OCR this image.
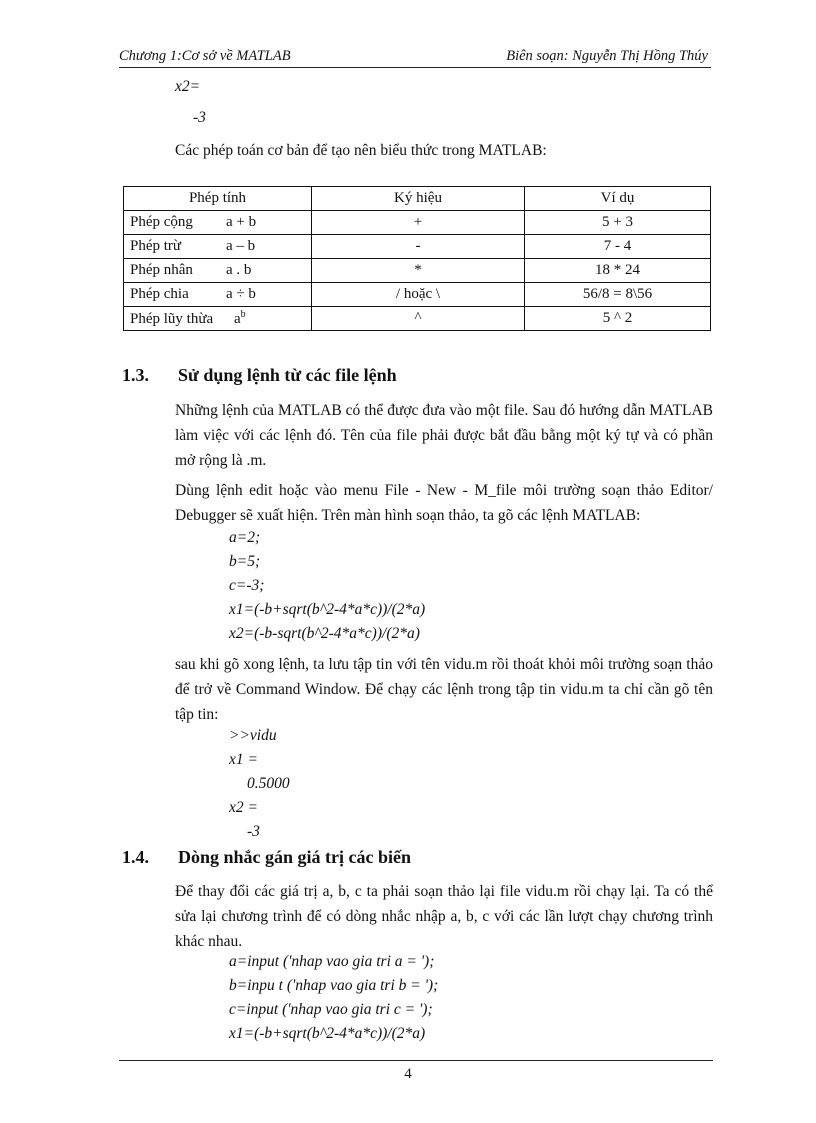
Chương 1:Cơ sở về MATLAB	Biên soạn: Nguyễn Thị Hồng Thúy
x2=
-3
Các phép toán cơ bản để tạo nên biểu thức trong MATLAB:
Phép tính	Ký hiệu	Ví dụ
Phép cộng a + b	+	5 + 3
Phép trừ a – b	-	7 - 4
Phép nhân a . b	*	18 * 24
Phép chia a ÷ b	/ hoặc \	56/8 = 8\56
Phép lũy thừa $a^b$	^	5 ^ 2
1.3. Sử dụng lệnh từ các file lệnh
Những lệnh của MATLAB có thể được đưa vào một file. Sau đó hướng dẫn MATLAB làm việc với các lệnh đó. Tên của file phải được bắt đầu bằng một ký tự và có phần mở rộng là .m.
Dùng lệnh edit hoặc vào menu File - New - M_file môi trường soạn thảo Editor/ Debugger sẽ xuất hiện. Trên màn hình soạn thảo, ta gõ các lệnh MATLAB:
a=2;
b=5;
c=-3;
x1=(-b+sqrt(b^2-4*a*c))/(2*a)
x2=(-b-sqrt(b^2-4*a*c))/(2*a)
sau khi gõ xong lệnh, ta lưu tập tin với tên vidu.m rồi thoát khỏi môi trường soạn thảo để trở về Command Window. Để chạy các lệnh trong tập tin vidu.m ta chỉ cần gõ tên tập tin:
>>vidu
x1 =
0.5000
x2 =
-3
1.4. Dòng nhắc gán giá trị các biến
Để thay đổi các giá trị a, b, c ta phải soạn thảo lại file vidu.m rồi chạy lại. Ta có thể sửa lại chương trình để có dòng nhắc nhập a, b, c với các lần lượt chạy chương trình khác nhau.
a=input ('nhap vao gia tri a = ');
b=inpu t ('nhap vao gia tri b = ');
c=input ('nhap vao gia tri c = ');
x1=(-b+sqrt(b^2-4*a*c))/(2*a)
4
